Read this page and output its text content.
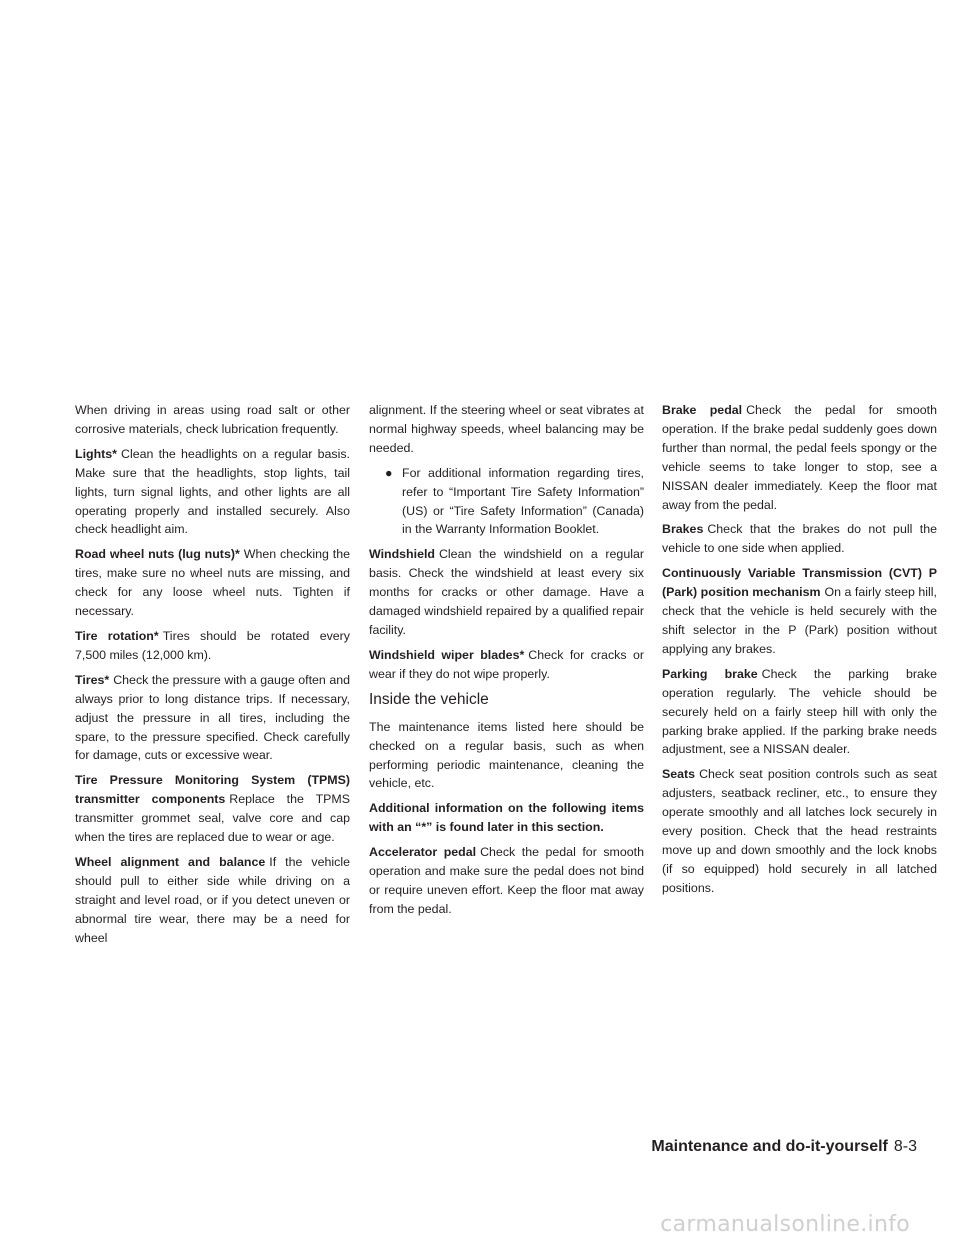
When driving in areas using road salt or other corrosive materials, check lubrication frequently.

Lights* Clean the headlights on a regular basis. Make sure that the headlights, stop lights, tail lights, turn signal lights, and other lights are all operating properly and installed securely. Also check headlight aim.

Road wheel nuts (lug nuts)* When checking the tires, make sure no wheel nuts are missing, and check for any loose wheel nuts. Tighten if necessary.

Tire rotation* Tires should be rotated every 7,500 miles (12,000 km).

Tires* Check the pressure with a gauge often and always prior to long distance trips. If necessary, adjust the pressure in all tires, including the spare, to the pressure specified. Check carefully for damage, cuts or excessive wear.

Tire Pressure Monitoring System (TPMS) transmitter components Replace the TPMS transmitter grommet seal, valve core and cap when the tires are replaced due to wear or age.

Wheel alignment and balance If the vehicle should pull to either side while driving on a straight and level road, or if you detect uneven or abnormal tire wear, there may be a need for wheel

alignment. If the steering wheel or seat vibrates at normal highway speeds, wheel balancing may be needed.

● For additional information regarding tires, refer to “Important Tire Safety Information” (US) or “Tire Safety Information” (Canada) in the Warranty Information Booklet.

Windshield Clean the windshield on a regular basis. Check the windshield at least every six months for cracks or other damage. Have a damaged windshield repaired by a qualified repair facility.

Windshield wiper blades* Check for cracks or wear if they do not wipe properly.

Inside the vehicle

The maintenance items listed here should be checked on a regular basis, such as when performing periodic maintenance, cleaning the vehicle, etc.

Additional information on the following items with an “*” is found later in this section.

Accelerator pedal Check the pedal for smooth operation and make sure the pedal does not bind or require uneven effort. Keep the floor mat away from the pedal.

Brake pedal Check the pedal for smooth operation. If the brake pedal suddenly goes down further than normal, the pedal feels spongy or the vehicle seems to take longer to stop, see a NISSAN dealer immediately. Keep the floor mat away from the pedal.

Brakes Check that the brakes do not pull the vehicle to one side when applied.

Continuously Variable Transmission (CVT) P (Park) position mechanism On a fairly steep hill, check that the vehicle is held securely with the shift selector in the P (Park) position without applying any brakes.

Parking brake Check the parking brake operation regularly. The vehicle should be securely held on a fairly steep hill with only the parking brake applied. If the parking brake needs adjustment, see a NISSAN dealer.

Seats Check seat position controls such as seat adjusters, seatback recliner, etc., to ensure they operate smoothly and all latches lock securely in every position. Check that the head restraints move up and down smoothly and the lock knobs (if so equipped) hold securely in all latched positions.

Maintenance and do-it-yourself 8-3
carmanualsonline.info
